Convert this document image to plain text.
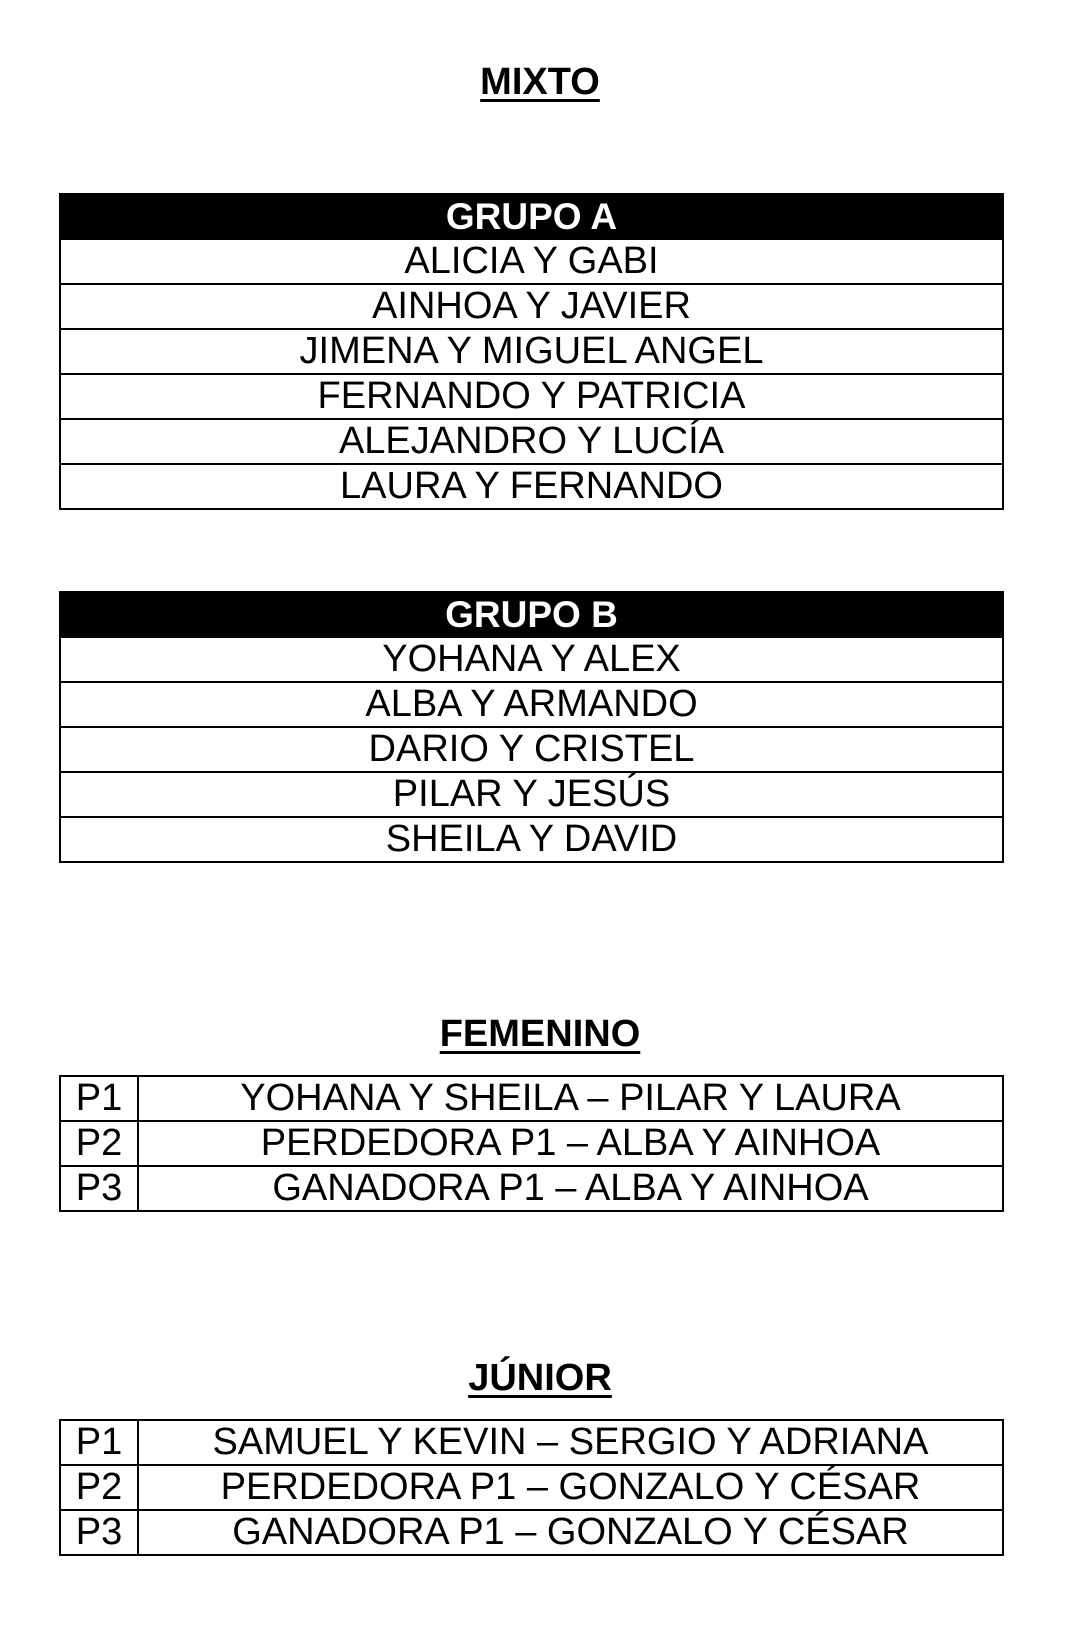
MIXTO
GRUPO A
ALICIA Y GABI
AINHOA Y JAVIER
JIMENA Y MIGUEL ANGEL
FERNANDO Y PATRICIA
ALEJANDRO Y LUCÍA
LAURA Y FERNANDO
GRUPO B
YOHANA Y ALEX
ALBA Y ARMANDO
DARIO Y CRISTEL
PILAR Y JESÚS
SHEILA Y DAVID
FEMENINO
P1	YOHANA Y SHEILA – PILAR Y LAURA
P2	PERDEDORA P1 – ALBA Y AINHOA
P3	GANADORA P1 – ALBA Y AINHOA
JÚNIOR
P1	SAMUEL Y KEVIN – SERGIO Y ADRIANA
P2	PERDEDORA P1 – GONZALO Y CÉSAR
P3	GANADORA P1 – GONZALO Y CÉSAR
